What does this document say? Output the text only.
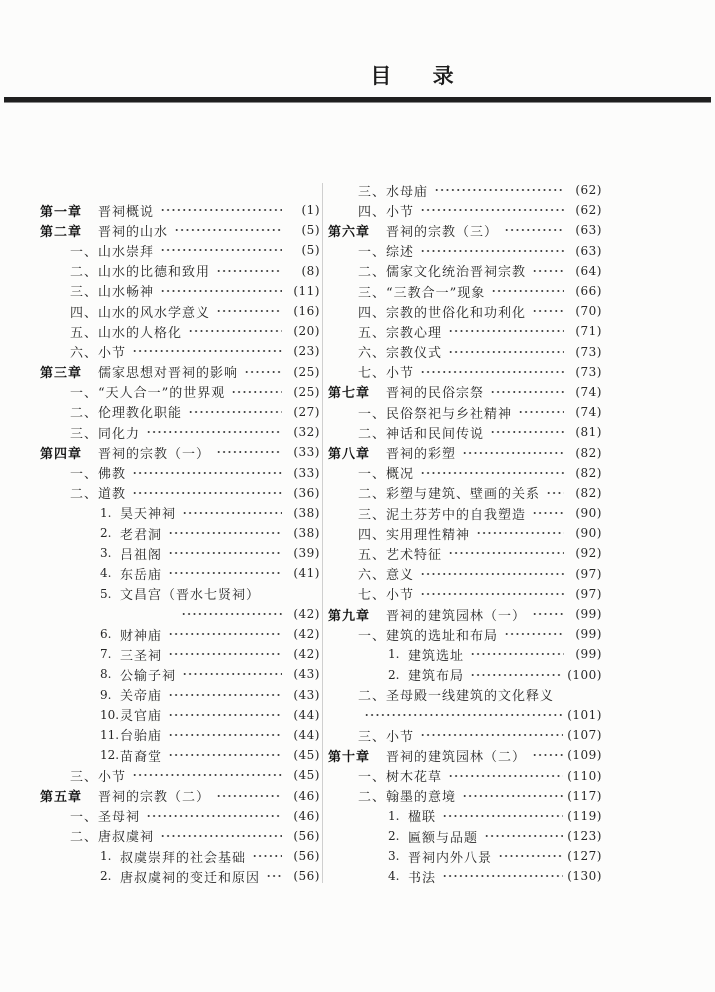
目 录
第一章	晋祠概说	(1)
第二章	晋祠的山水	(5)
一、山水崇拜	(5)
二、山水的比德和致用	(8)
三、山水畅神	(11)
四、山水的风水学意义	(16)
五、山水的人格化	(20)
六、小节	(23)
第三章	儒家思想对晋祠的影响	(25)
一、“天人合一”的世界观	(25)
二、伦理教化职能	(27)
三、同化力	(32)
第四章	晋祠的宗教（一）	(33)
一、佛教	(33)
二、道教	(36)
1. 昊天神祠	(38)
2. 老君洞	(38)
3. 吕祖阁	(39)
4. 东岳庙	(41)
5. 文昌宫（晋水七贤祠）
(42)
6. 财神庙	(42)
7. 三圣祠	(42)
8. 公输子祠	(43)
9. 关帝庙	(43)
10. 灵官庙	(44)
11. 台骀庙	(44)
12. 苗裔堂	(45)
三、小节	(45)
第五章	晋祠的宗教（二）	(46)
一、圣母祠	(46)
二、唐叔虞祠	(56)
1. 叔虞崇拜的社会基础	(56)
2. 唐叔虞祠的变迁和原因	(56)
三、水母庙	(62)
四、小节	(62)
第六章	晋祠的宗教（三）	(63)
一、综述	(63)
二、儒家文化统治晋祠宗教	(64)
三、“三教合一”现象	(66)
四、宗教的世俗化和功利化	(70)
五、宗教心理	(71)
六、宗教仪式	(73)
七、小节	(73)
第七章	晋祠的民俗宗祭	(74)
一、民俗祭祀与乡社精神	(74)
二、神话和民间传说	(81)
第八章	晋祠的彩塑	(82)
一、概况	(82)
二、彩塑与建筑、壁画的关系	(82)
三、泥土芬芳中的自我塑造	(90)
四、实用理性精神	(90)
五、艺术特征	(92)
六、意义	(97)
七、小节	(97)
第九章	晋祠的建筑园林（一）	(99)
一、建筑的选址和布局	(99)
1. 建筑选址	(99)
2. 建筑布局	(100)
二、圣母殿一线建筑的文化释义
(101)
三、小节	(107)
第十章	晋祠的建筑园林（二）	(109)
一、树木花草	(110)
二、翰墨的意境	(117)
1. 楹联	(119)
2. 匾额与品题	(123)
3. 晋祠内外八景	(127)
4. 书法	(130)
